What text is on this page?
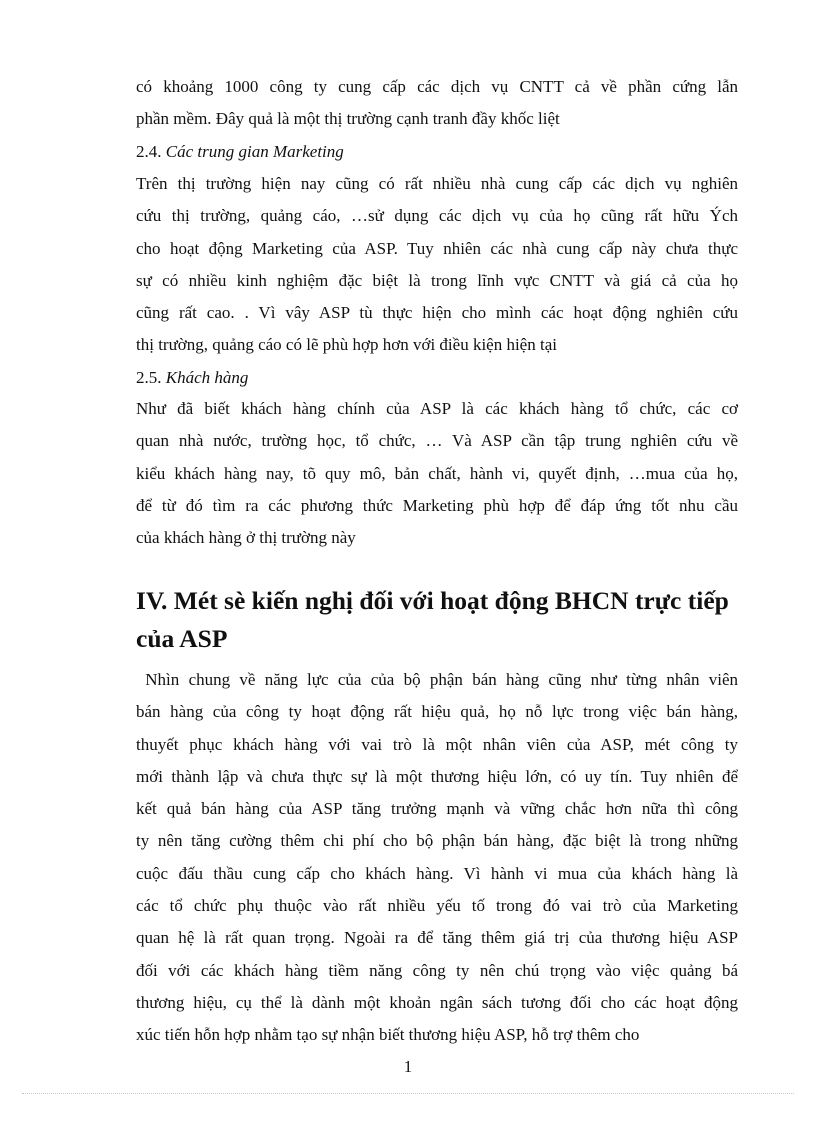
có khoảng 1000 công ty cung cấp các dịch vụ CNTT cả về phần cứng lẫn
phần mềm. Đây quả là một thị trường cạnh tranh đầy khốc liệt
2.4. Các trung gian Marketing
Trên thị trường hiện nay cũng có rất nhiều nhà cung cấp các dịch vụ nghiên
cứu thị trường, quảng cáo, …sử dụng các dịch vụ của họ cũng rất hữu Ých
cho hoạt động Marketing của ASP. Tuy nhiên các nhà cung cấp này chưa thực
sự có nhiều kinh nghiệm đặc biệt là trong lĩnh vực CNTT và giá cả của họ
cũng rất cao. . Vì vây ASP tù thực hiện cho mình các hoạt động nghiên cứu
thị trường, quảng cáo có lẽ phù hợp hơn với điều kiện hiện tại
2.5. Khách hàng
Như đã biết khách hàng chính của ASP là các khách hàng tổ chức, các cơ
quan nhà nước, trường học, tổ chức, … Và ASP cần tập trung nghiên cứu về
kiểu khách hàng nay, tõ quy mô, bản chất, hành vi, quyết định, …mua của họ,
để từ đó tìm ra các phương thức Marketing phù hợp để đáp ứng tốt nhu cầu
của khách hàng ở thị trường này
IV. Mét sè kiến nghị đối với hoạt động BHCN trực tiếp
của ASP
Nhìn chung về năng lực của của bộ phận bán hàng cũng như từng nhân viên
bán hàng của công ty hoạt động rất hiệu quả, họ nỗ lực trong việc bán hàng,
thuyết phục khách hàng với vai trò là một nhân viên của ASP, mét công ty
mới thành lập và chưa thực sự là một thương hiệu lớn, có uy tín. Tuy nhiên để
kết quả bán hàng của ASP tăng trưởng mạnh và vững chắc hơn nữa thì công
ty nên tăng cường thêm chi phí cho bộ phận bán hàng, đặc biệt là trong những
cuộc đấu thầu cung cấp cho khách hàng. Vì hành vi mua của khách hàng là
các tổ chức phụ thuộc vào rất nhiều yếu tố trong đó vai trò của Marketing
quan hệ là rất quan trọng. Ngoài ra để tăng thêm giá trị của thương hiệu ASP
đối với các khách hàng tiềm năng công ty nên chú trọng vào việc quảng bá
thương hiệu, cụ thể là dành một khoản ngân sách tương đối cho các hoạt động
xúc tiến hỗn hợp nhằm tạo sự nhận biết thương hiệu ASP, hỗ trợ thêm cho
1
